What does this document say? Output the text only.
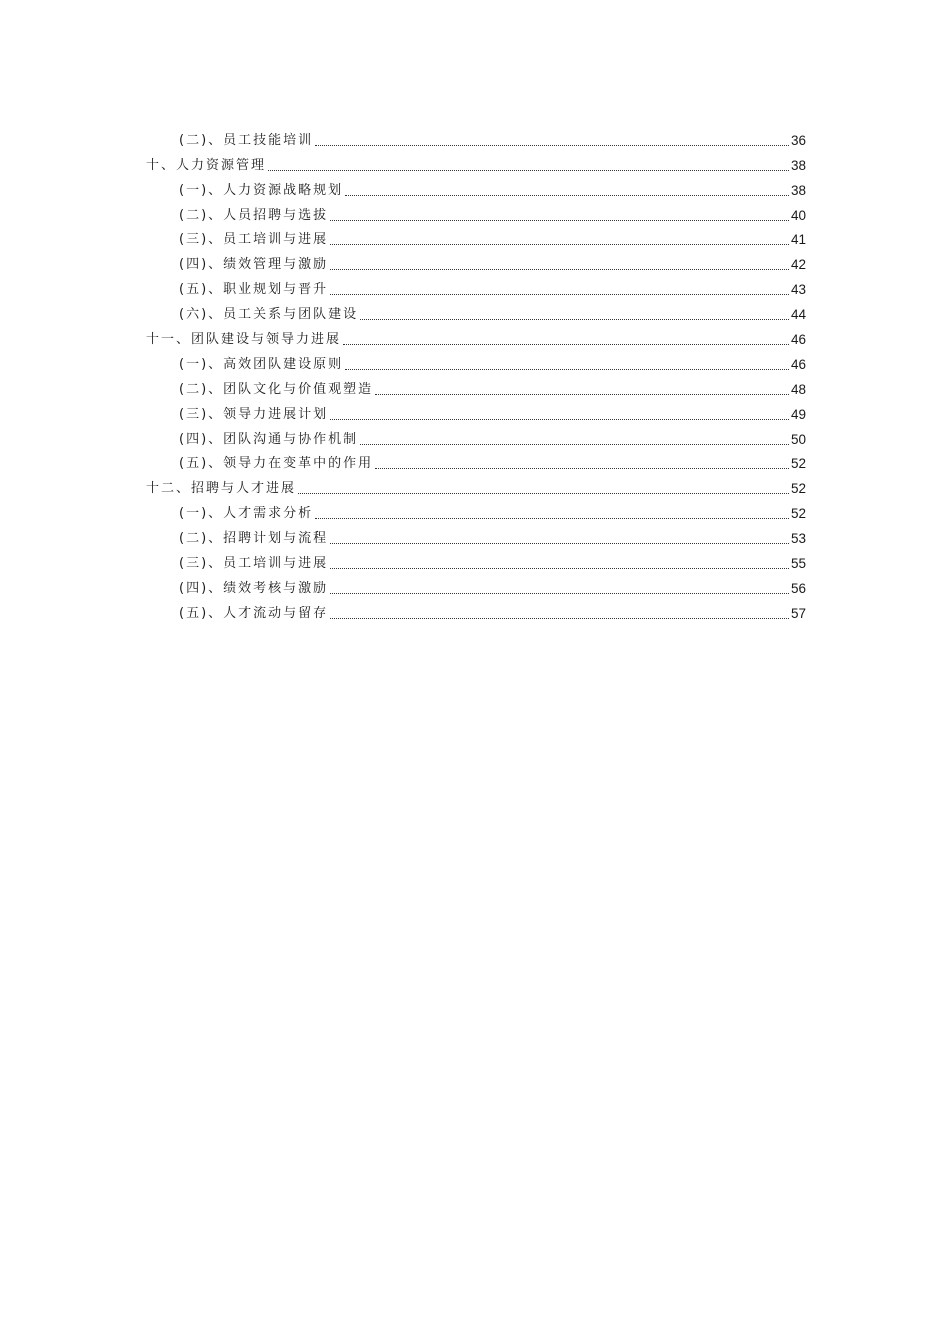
(二)、员工技能培训	36
十、人力资源管理	38
(一)、人力资源战略规划	38
(二)、人员招聘与选拔	40
(三)、员工培训与进展	41
(四)、绩效管理与激励	42
(五)、职业规划与晋升	43
(六)、员工关系与团队建设	44
十一、团队建设与领导力进展	46
(一)、高效团队建设原则	46
(二)、团队文化与价值观塑造	48
(三)、领导力进展计划	49
(四)、团队沟通与协作机制	50
(五)、领导力在变革中的作用	52
十二、招聘与人才进展	52
(一)、人才需求分析	52
(二)、招聘计划与流程	53
(三)、员工培训与进展	55
(四)、绩效考核与激励	56
(五)、人才流动与留存	57
